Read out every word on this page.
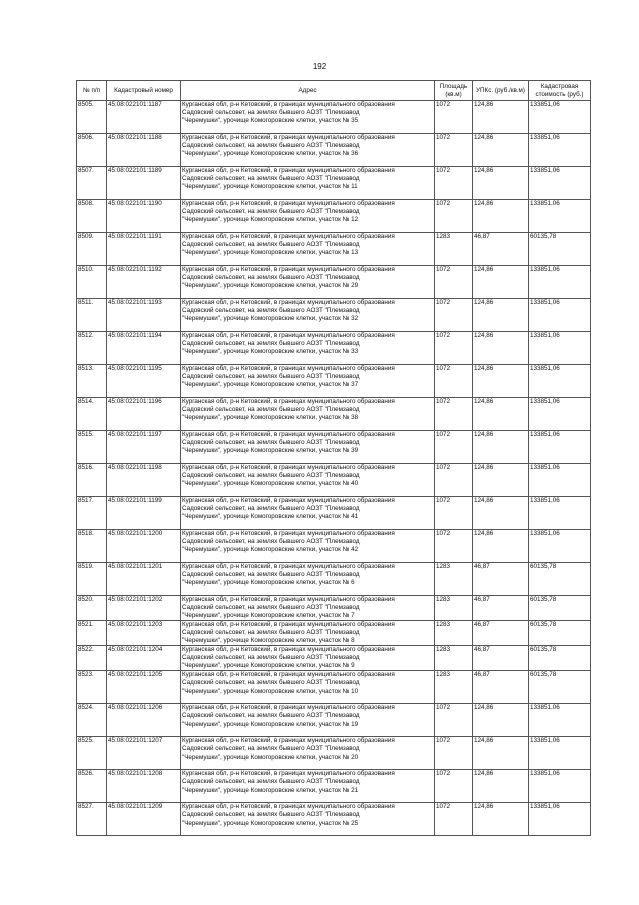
192
№ п/п	Кадастровый номер	Адрес	Площадь (кв.м)	УПКс. (руб./кв.м)	Кадастровая стоимость (руб.)
8505.	45:08:022101:1187	Курганская обл, р-н Кетовский, в границах муниципального образования
Садовский сельсовет, на землях бывшего АОЗТ "Племзавод
"Черемушки", урочище Комогоровские клетки, участок № 35	1072	124,86	133851,06
8506.	45:08:022101:1188	Курганская обл, р-н Кетовский, в границах муниципального образования
Садовский сельсовет, на землях бывшего АОЗТ "Племзавод
"Черемушки", урочище Комогоровские клетки, участок № 36	1072	124,86	133851,06
8507.	45:08:022101:1189	Курганская обл, р-н Кетовский, в границах муниципального образования
Садовский сельсовет, на землях бывшего АОЗТ "Племзавод
"Черемушки", урочище Комогоровские клетки, участок № 11	1072	124,86	133851,06
8508.	45:08:022101:1190	Курганская обл, р-н Кетовский, в границах муниципального образования
Садовский сельсовет, на землях бывшего АОЗТ "Племзавод
"Черемушки", урочище Комогоровские клетки, участок № 12	1072	124,86	133851,06
8509.	45:08:022101:1191	Курганская обл, р-н Кетовский, в границах муниципального образования
Садовский сельсовет, на землях бывшего АОЗТ "Племзавод
"Черемушки", урочище Комогоровские клетки, участок № 13	1283	46,87	60135,78
8510.	45:08:022101:1192	Курганская обл, р-н Кетовский, в границах муниципального образования
Садовский сельсовет, на землях бывшего АОЗТ "Племзавод
"Черемушки", урочище Комогоровские клетки, участок № 29	1072	124,86	133851,06
8511.	45:08:022101:1193	Курганская обл, р-н Кетовский, в границах муниципального образования
Садовский сельсовет, на землях бывшего АОЗТ "Племзавод
"Черемушки", урочище Комогоровские клетки, участок № 32	1072	124,86	133851,06
8512.	45:08:022101:1194	Курганская обл, р-н Кетовский, в границах муниципального образования
Садовский сельсовет, на землях бывшего АОЗТ "Племзавод
"Черемушки", урочище Комогоровские клетки, участок № 33	1072	124,86	133851,06
8513.	45:08:022101:1195	Курганская обл, р-н Кетовский, в границах муниципального образования
Садовский сельсовет, на землях бывшего АОЗТ "Племзавод
"Черемушки", урочище Комогоровские клетки, участок № 37	1072	124,86	133851,06
8514.	45:08:022101:1196	Курганская обл, р-н Кетовский, в границах муниципального образования
Садовский сельсовет, на землях бывшего АОЗТ "Племзавод
"Черемушки", урочище Комогоровские клетки, участок № 38	1072	124,86	133851,06
8515.	45:08:022101:1197	Курганская обл, р-н Кетовский, в границах муниципального образования
Садовский сельсовет, на землях бывшего АОЗТ "Племзавод
"Черемушки", урочище Комогоровские клетки, участок № 39	1072	124,86	133851,06
8516.	45:08:022101:1198	Курганская обл, р-н Кетовский, в границах муниципального образования
Садовский сельсовет, на землях бывшего АОЗТ "Племзавод
"Черемушки", урочище Комогоровские клетки, участок № 40	1072	124,86	133851,06
8517.	45:08:022101:1199	Курганская обл, р-н Кетовский, в границах муниципального образования
Садовский сельсовет, на землях бывшего АОЗТ "Племзавод
"Черемушки", урочище Комогоровские клетки, участок № 41	1072	124,86	133851,06
8518.	45:08:022101:1200	Курганская обл, р-н Кетовский, в границах муниципального образования
Садовский сельсовет, на землях бывшего АОЗТ "Племзавод
"Черемушки", урочище Комогоровские клетки, участок № 42	1072	124,86	133851,06
8519.	45:08:022101:1201	Курганская обл, р-н Кетовский, в границах муниципального образования
Садовский сельсовет, на землях бывшего АОЗТ "Племзавод
"Черемушки", урочище Комогоровские клетки, участок № 6	1283	46,87	60135,78
8520.	45:08:022101:1202	Курганская обл, р-н Кетовский, в границах муниципального образования
Садовский сельсовет, на землях бывшего АОЗТ "Племзавод
"Черемушки", урочище Комогоровские клетки, участок № 7	1283	46,87	60135,78
8521.	45:08:022101:1203	Курганская обл, р-н Кетовский, в границах муниципального образования
Садовский сельсовет, на землях бывшего АОЗТ "Племзавод
"Черемушки", урочище Комогоровские клетки, участок № 8	1283	46,87	60135,78
8522.	45:08:022101:1204	Курганская обл, р-н Кетовский, в границах муниципального образования
Садовский сельсовет, на землях бывшего АОЗТ "Племзавод
"Черемушки", урочище Комогоровские клетки, участок № 9	1283	46,87	60135,78
8523.	45:08:022101:1205	Курганская обл, р-н Кетовский, в границах муниципального образования
Садовский сельсовет, на землях бывшего АОЗТ "Племзавод
"Черемушки", урочище Комогоровские клетки, участок № 10	1283	46,87	60135,78
8524.	45:08:022101:1206	Курганская обл, р-н Кетовский, в границах муниципального образования
Садовский сельсовет, на землях бывшего АОЗТ "Племзавод
"Черемушки", урочище Комогоровские клетки, участок № 19	1072	124,86	133851,06
8525.	45:08:022101:1207	Курганская обл, р-н Кетовский, в границах муниципального образования
Садовский сельсовет, на землях бывшего АОЗТ "Племзавод
"Черемушки", урочище Комогоровские клетки, участок № 20	1072	124,86	133851,06
8526.	45:08:022101:1208	Курганская обл, р-н Кетовский, в границах муниципального образования
Садовский сельсовет, на землях бывшего АОЗТ "Племзавод
"Черемушки", урочище Комогоровские клетки, участок № 21	1072	124,86	133851,06
8527.	45:08:022101:1209	Курганская обл, р-н Кетовский, в границах муниципального образования
Садовский сельсовет, на землях бывшего АОЗТ "Племзавод
"Черемушки", урочище Комогоровские клетки, участок № 25	1072	124,86	133851,06
